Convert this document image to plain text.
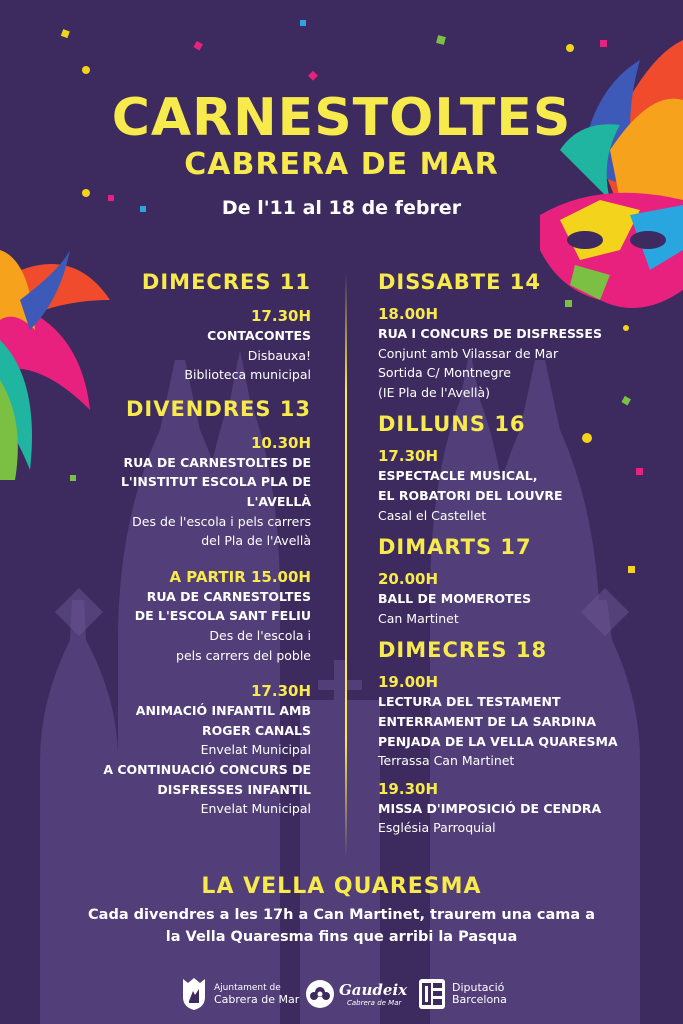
CARNESTOLTES
CABRERA DE MAR
De l'11 al 18 de febrer
DIMECRES 11
17.30H
CONTACONTES
Disbauxa!
Biblioteca municipal
DIVENDRES 13
10.30H
RUA DE CARNESTOLTES DE
L'INSTITUT ESCOLA PLA DE
L'AVELLÀ
Des de l'escola i pels carrers
del Pla de l'Avellà
A PARTIR 15.00H
RUA DE CARNESTOLTES
DE L'ESCOLA SANT FELIU
Des de l'escola i
pels carrers del poble
17.30H
ANIMACIÓ INFANTIL AMB
ROGER CANALS
Envelat Municipal
A CONTINUACIÓ CONCURS DE
DISFRESSES INFANTIL
Envelat Municipal
DISSABTE 14
18.00H
RUA I CONCURS DE DISFRESSES
Conjunt amb Vilassar de Mar
Sortida C/ Montnegre
(IE Pla de l'Avellà)
DILLUNS 16
17.30H
ESPECTACLE MUSICAL,
EL ROBATORI DEL LOUVRE
Casal el Castellet
DIMARTS 17
20.00H
BALL DE MOMEROTES
Can Martinet
DIMECRES 18
19.00H
LECTURA DEL TESTAMENT
ENTERRAMENT DE LA SARDINA
PENJADA DE LA VELLA QUARESMA
Terrassa Can Martinet
19.30H
MISSA D'IMPOSICIÓ DE CENDRA
Església Parroquial
LA VELLA QUARESMA
Cada divendres a les 17h a Can Martinet, traurem una cama a
la Vella Quaresma fins que arribi la Pasqua
Ajuntament de
Cabrera de Mar
Gaudeix
Cabrera de Mar
Diputació
Barcelona
